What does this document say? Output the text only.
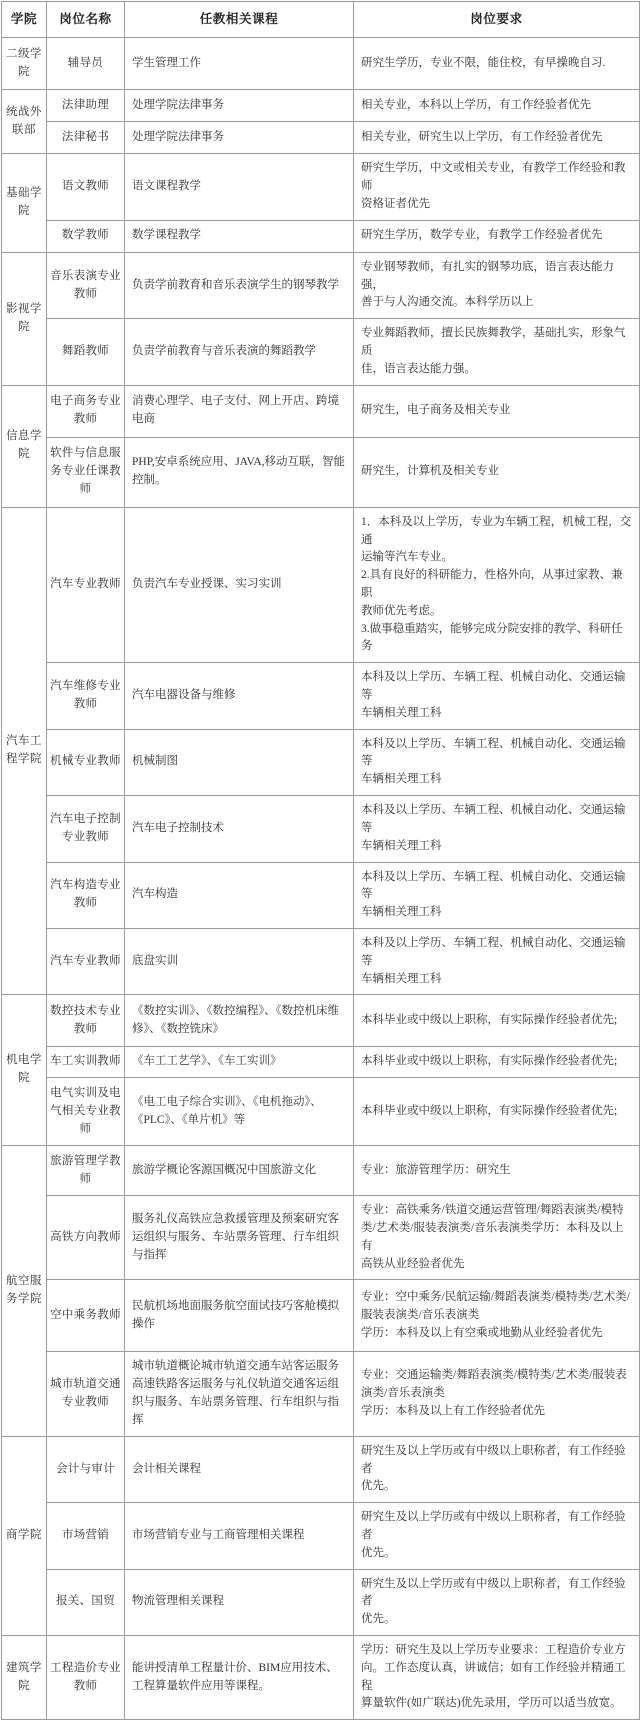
学院	岗位名称	任教相关课程	岗位要求
二级学院	辅导员	学生管理工作	研究生学历，专业不限，能住校，有早操晚自习.

统战外联部	法律助理	处理学院法律事务	相关专业，本科以上学历，有工作经验者优先

	法律秘书	处理学院法律事务	相关专业，研究生以上学历，有工作经验者优先

基础学院	语文教师	语文课程教学	研究生学历，中文或相关专业，有教学工作经验和教师
资格证者优先

	数学教师	数学课程教学	研究生学历，数学专业，有教学工作经验者优先

影视学院	音乐表演专业教师	负责学前教育和音乐表演学生的钢琴教学	专业钢琴教师，有扎实的钢琴功底，语言表达能力强，
善于与人沟通交流。本科学历以上

	舞蹈教师	负责学前教育与音乐表演的舞蹈教学	专业舞蹈教师，擅长民族舞教学，基础扎实，形象气质
佳，语言表达能力强。

信息学院	电子商务专业教师	消费心理学、电子支付、网上开店、跨境电商	研究生，电子商务及相关专业

	软件与信息服务专业任课教师	PHP,安卓系统应用、JAVA,移动互联，智能控制。	研究生，计算机及相关专业

汽车工程学院	汽车专业教师	负责汽车专业授课、实习实训	1．本科及以上学历，专业为车辆工程，机械工程，交通
运输等汽车专业。
2.具有良好的科研能力，性格外向，从事过家教、兼职
教师优先考虑。
3.做事稳重踏实，能够完成分院安排的教学、科研任务

	汽车维修专业教师	汽车电器设备与维修	本科及以上学历、车辆工程、机械自动化、交通运输等
车辆相关理工科

	机械专业教师	机械制图	本科及以上学历、车辆工程、机械自动化、交通运输等
车辆相关理工科

	汽车电子控制专业教师	汽车电子控制技术	本科及以上学历、车辆工程、机械自动化、交通运输等
车辆相关理工科

	汽车构造专业教师	汽车构造	本科及以上学历、车辆工程、机械自动化、交通运输等
车辆相关理工科

	汽车专业教师	底盘实训	本科及以上学历、车辆工程、机械自动化、交通运输等
车辆相关理工科

机电学院	数控技术专业教师	《数控实训》、《数控编程》、《数控机床维修》、《数控铣床》	本科毕业或中级以上职称，有实际操作经验者优先;

	车工实训教师	《车工工艺学》、《车工实训》	本科毕业或中级以上职称，有实际操作经验者优先;

	电气实训及电气相关专业教师	《电工电子综合实训》、《电机拖动》、《PLC》、《单片机》等	本科毕业或中级以上职称，有实际操作经验者优先;

航空服务学院	旅游管理学教师	旅游学概论客源国概况中国旅游文化	专业：旅游管理学历：研究生

	高铁方向教师	服务礼仪高铁应急救援管理及预案研究客运组织与服务、车站票务管理、行车组织与指挥	专业：高铁乘务/铁道交通运营管理/舞蹈表演类/模特
类/艺术类/服装表演类/音乐表演类学历：本科及以上有
高铁从业经验者优先

	空中乘务教师	民航机场地面服务航空面试技巧客舱模拟操作	专业：空中乘务/民航运输/舞蹈表演类/模特类/艺术类/
服装表演类/音乐表演类
学历：本科及以上有空乘或地勤从业经验者优先

	城市轨道交通专业教师	城市轨道概论城市轨道交通车站客运服务高速铁路客运服务与礼仪轨道交通客运组织与服务、车站票务管理、行车组织与指挥	专业：交通运输类/舞蹈表演类/模特类/艺术类/服装表
演类/音乐表演类
学历：本科及以上有工作经验者优先

商学院	会计与审计	会计相关课程	研究生及以上学历或有中级以上职称者，有工作经验者
优先。

	市场营销	市场营销专业与工商管理相关课程	研究生及以上学历或有中级以上职称者，有工作经验者
优先。

	报关、国贸	物流管理相关课程	研究生及以上学历或有中级以上职称者，有工作经验者
优先。

建筑学院	工程造价专业教师	能讲授清单工程量计价、BIM应用技术、工程算量软件应用等课程。	学历：研究生及以上学历专业要求：工程造价专业方
向。工作态度认真，讲诚信；如有工作经验并精通工程
算量软件(如广联达)优先录用，学历可以适当放宽。
